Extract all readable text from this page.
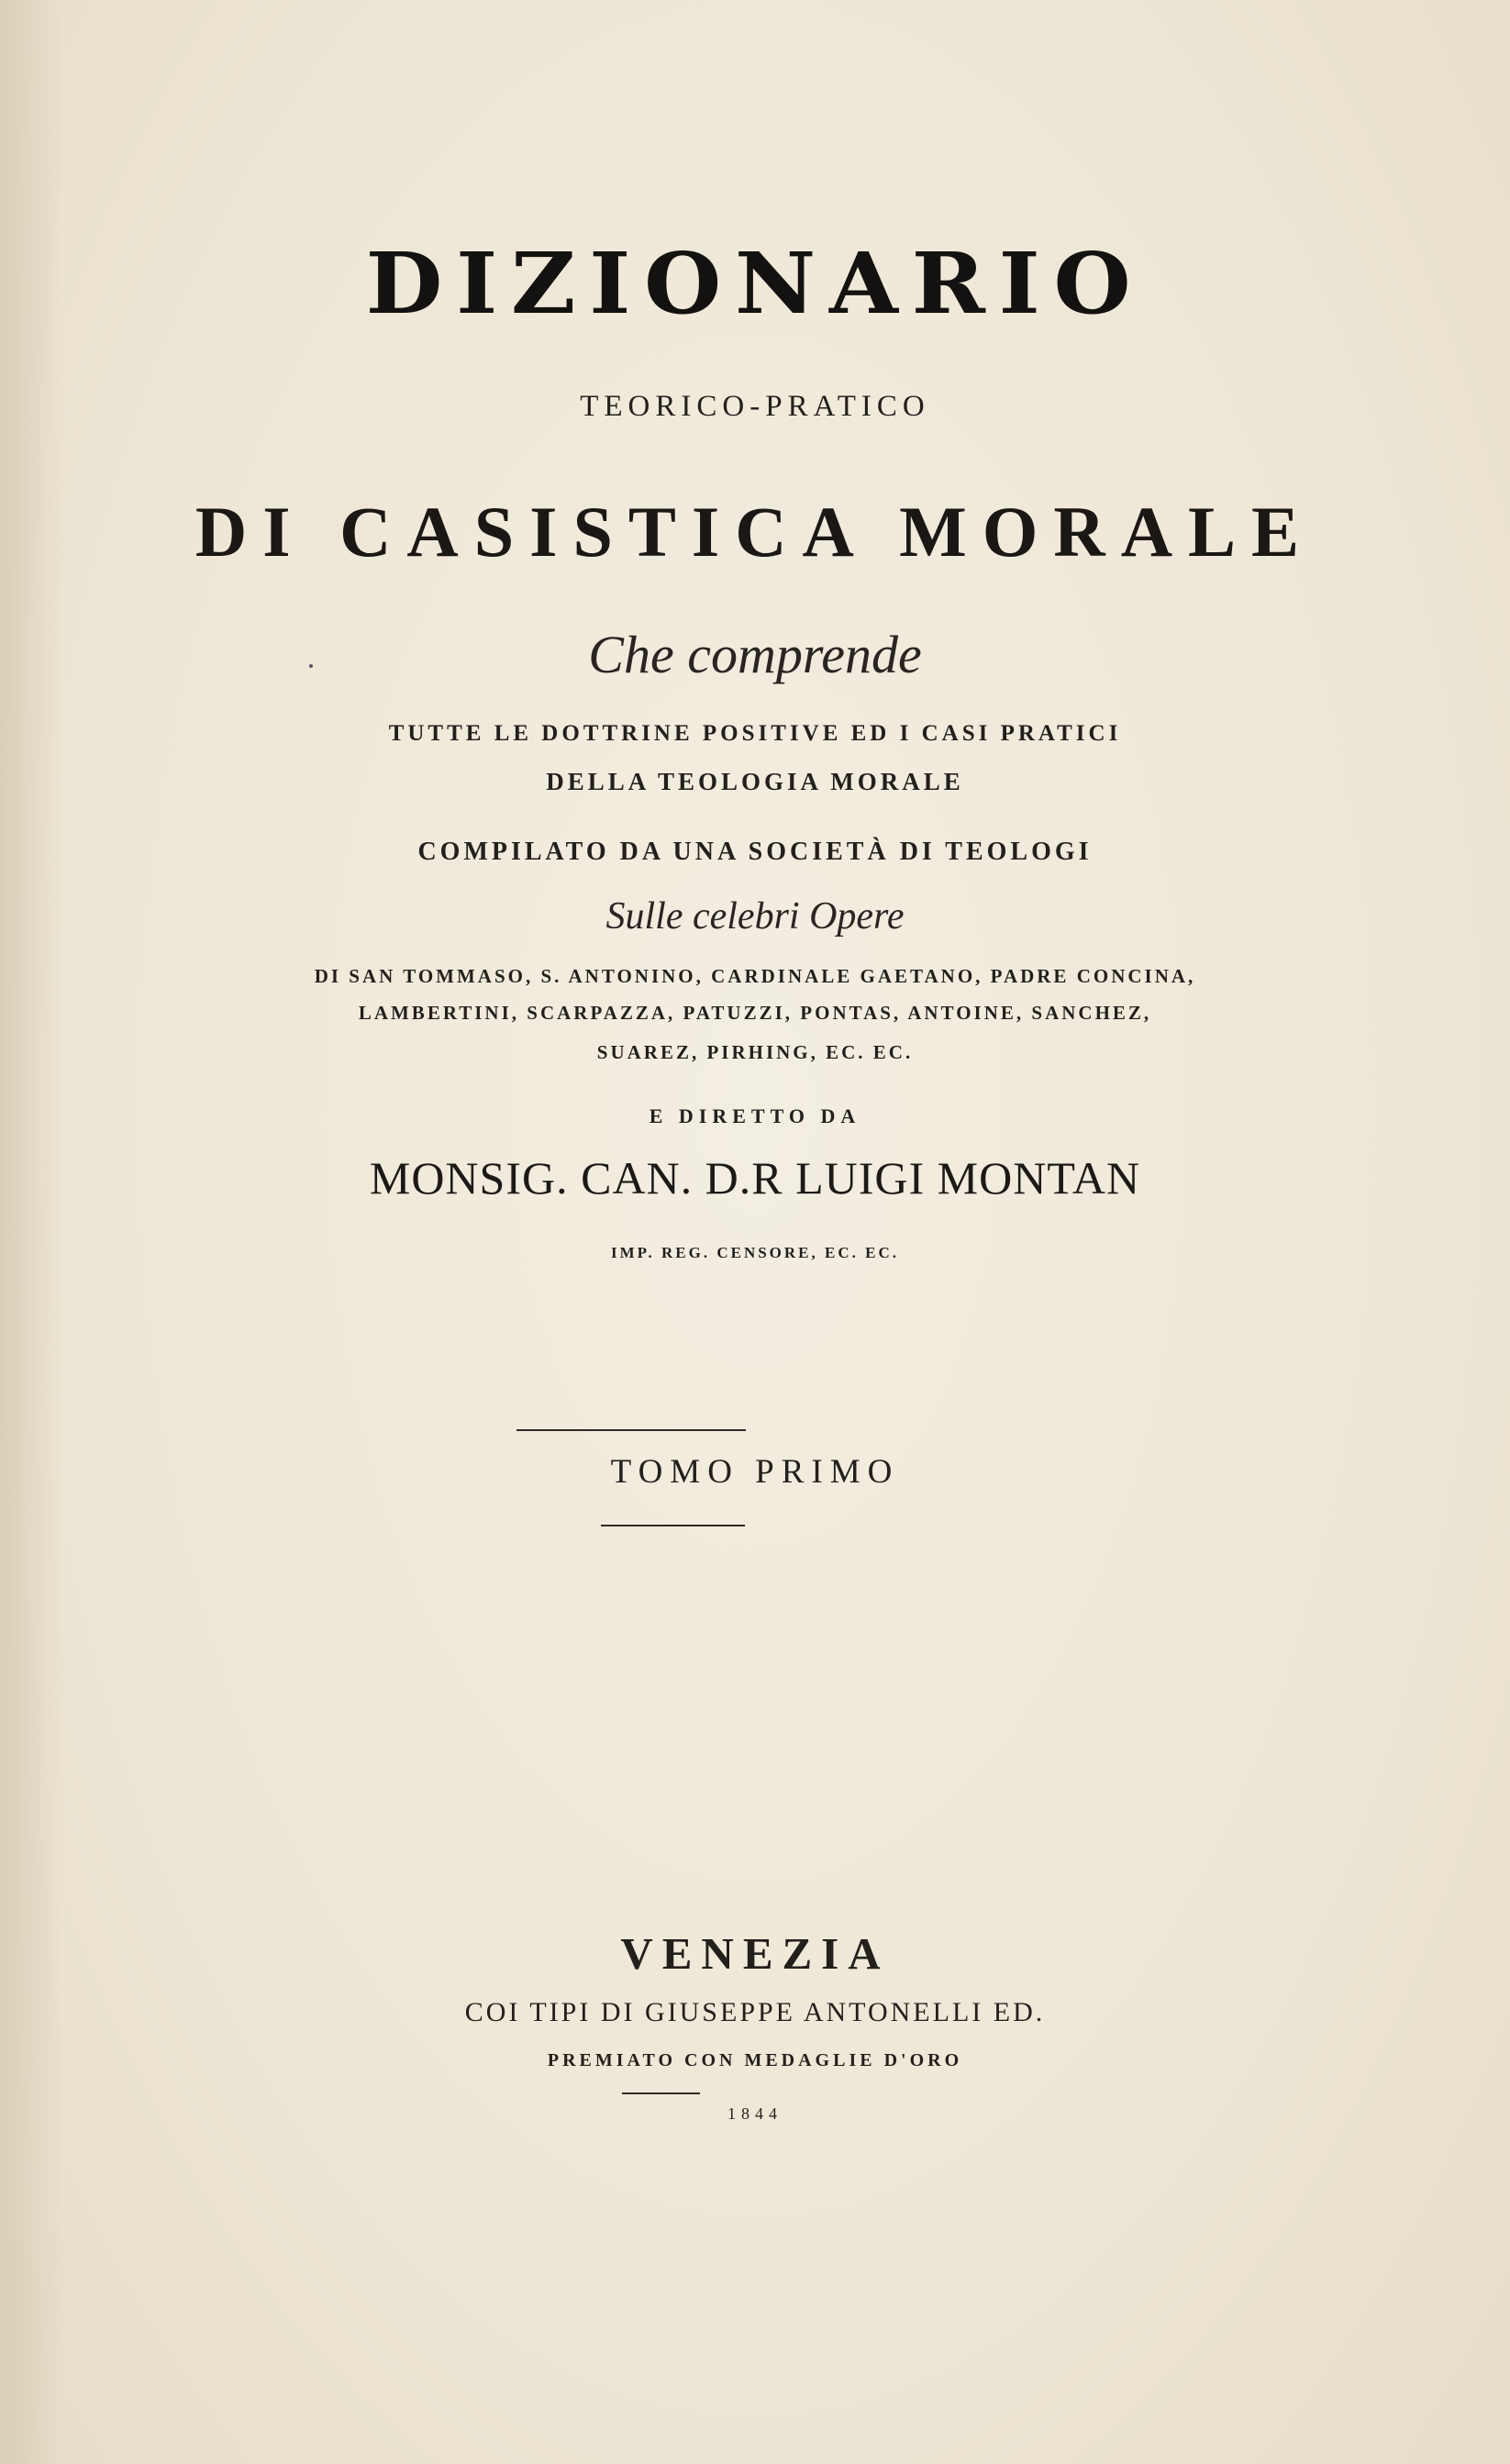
DIZIONARIO
TEORICO-PRATICO
DI CASISTICA MORALE
Che comprende
TUTTE LE DOTTRINE POSITIVE ED I CASI PRATICI
DELLA TEOLOGIA MORALE
COMPILATO DA UNA SOCIETÀ DI TEOLOGI
Sulle celebri Opere
DI SAN TOMMASO, S. ANTONINO, CARDINALE GAETANO, PADRE CONCINA,
LAMBERTINI, SCARPAZZA, PATUZZI, PONTAS, ANTOINE, SANCHEZ,
SUAREZ, PIRHING, EC. EC.
E DIRETTO DA
MONSIG. CAN. D.R LUIGI MONTAN
IMP. REG. CENSORE, EC. EC.
TOMO PRIMO
VENEZIA
COI TIPI DI GIUSEPPE ANTONELLI ED.
PREMIATO CON MEDAGLIE D'ORO
1844
